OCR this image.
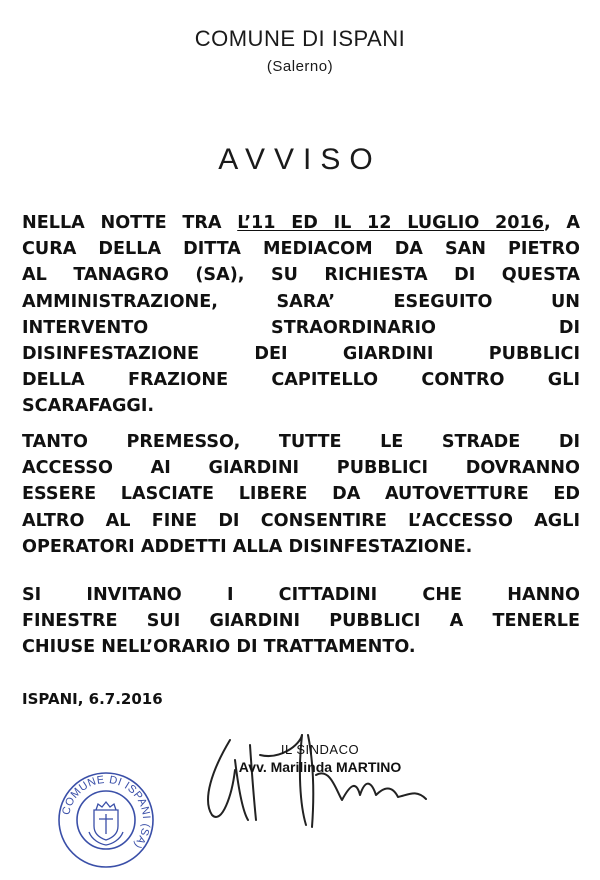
COMUNE DI ISPANI
(Salerno)
AVVISO
NELLA NOTTE TRA L’11 ED IL 12 LUGLIO 2016, A
CURA DELLA DITTA MEDIACOM DA SAN PIETRO
AL TANAGRO (SA), SU RICHIESTA DI QUESTA
AMMINISTRAZIONE, SARA’ ESEGUITO UN
INTERVENTO STRAORDINARIO DI
DISINFESTAZIONE DEI GIARDINI PUBBLICI
DELLA FRAZIONE CAPITELLO CONTRO GLI
SCARAFAGGI.
TANTO PREMESSO, TUTTE LE STRADE DI
ACCESSO AI GIARDINI PUBBLICI DOVRANNO
ESSERE LASCIATE LIBERE DA AUTOVETTURE ED
ALTRO AL FINE DI CONSENTIRE L’ACCESSO AGLI
OPERATORI ADDETTI ALLA DISINFESTAZIONE.
SI INVITANO I CITTADINI CHE HANNO
FINESTRE SUI GIARDINI PUBBLICI A TENERLE
CHIUSE NELL’ORARIO DI TRATTAMENTO.
ISPANI, 6.7.2016
IL SINDACO
Avv. Marilinda MARTINO
COMUNE DI ISPANI (SA)
